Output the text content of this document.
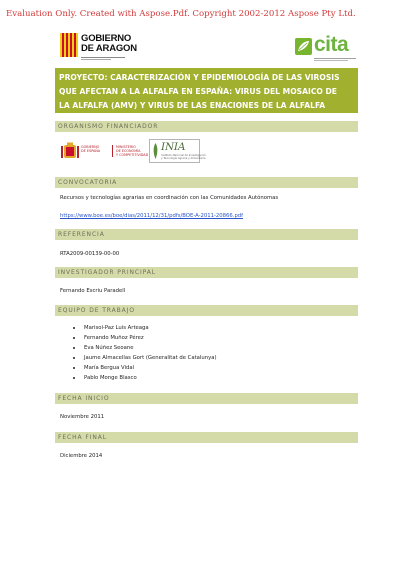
Evaluation Only. Created with Aspose.Pdf. Copyright 2002-2012 Aspose Pty Ltd.
GOBIERNO
DE ARAGON	cita

PROYECTO: CARACTERIZACIÓN Y EPIDEMIOLOGÍA DE LAS VIROSIS

QUE AFECTAN A LA ALFALFA EN ESPAÑA: VIRUS DEL MOSAICO DE

LA ALFALFA (AMV) Y VIRUS DE LAS ENACIONES DE LA ALFALFA

ORGANISMO FINANCIADOR
GOBIERNO
DE ESPAÑA
MINISTERIO
DE ECONOMÍA
Y COMPETITIVIDAD
INIA
Instituto Nacional de Investigación
y Tecnología Agraria y Alimentaria
CONVOCATORIA
Recursos y tecnologías agrarias en coordinación con las Comunidades Autónomas
https://www.boe.es/boe/dias/2011/12/31/pdfs/BOE-A-2011-20866.pdf
REFERENCIA
RTA2009-00139-00-00
INVESTIGADOR PRINCIPAL
Fernando Escriu Paradell
EQUIPO DE TRABAJO
Marisol-Paz Luis Arteaga
Fernando Muñoz Pérez
Eva Núñez Seoane
Jaume Almacellas Gort (Generalitat de Catalunya)
María Bergua Vidal
Pablo Monge Blasco
FECHA INICIO
Noviembre 2011
FECHA FINAL
Diciembre 2014
